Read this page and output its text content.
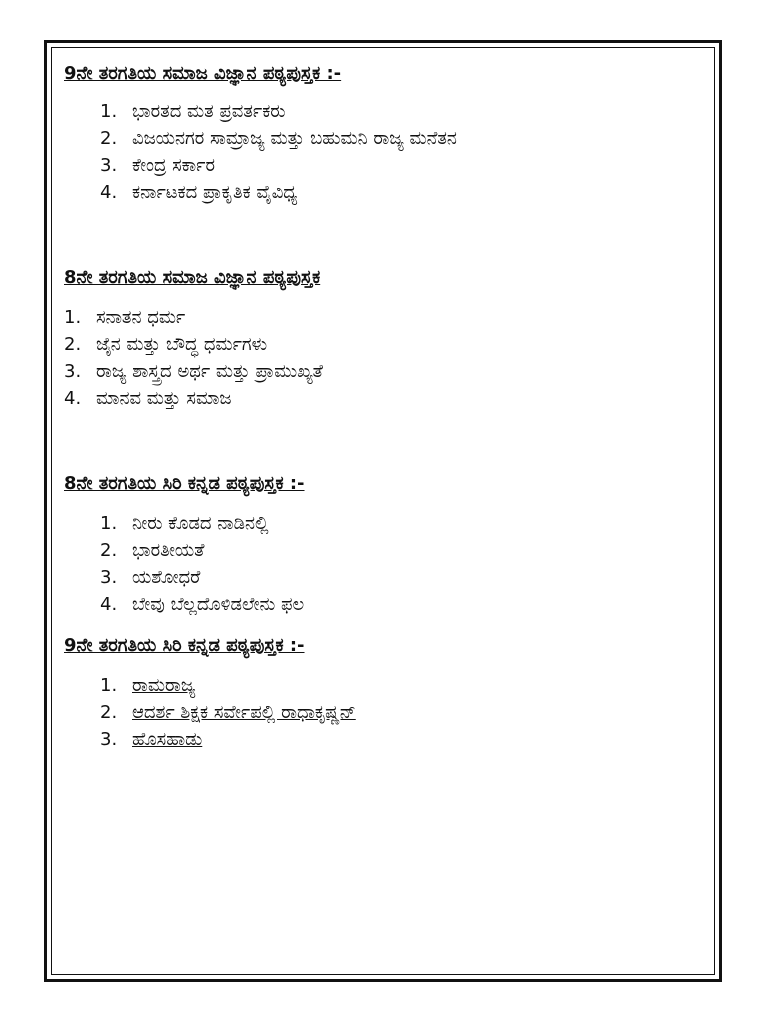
9ನೇ ತರಗತಿಯ ಸಮಾಜ ವಿಜ್ಞಾನ ಪಠ್ಯಪುಸ್ತಕ :-
1. ಭಾರತದ ಮತ ಪ್ರವರ್ತಕರು
2. ವಿಜಯನಗರ ಸಾಮ್ರಾಜ್ಯ ಮತ್ತು ಬಹುಮನಿ ರಾಜ್ಯ ಮನೆತನ
3. ಕೇಂದ್ರ ಸರ್ಕಾರ
4. ಕರ್ನಾಟಕದ ಪ್ರಾಕೃತಿಕ ವೈವಿಧ್ಯ
8ನೇ ತರಗತಿಯ ಸಮಾಜ ವಿಜ್ಞಾನ ಪಠ್ಯಪುಸ್ತಕ
1. ಸನಾತನ ಧರ್ಮ
2. ಜೈನ ಮತ್ತು ಬೌದ್ಧ ಧರ್ಮಗಳು
3. ರಾಜ್ಯ ಶಾಸ್ತ್ರದ ಅರ್ಥ ಮತ್ತು ಪ್ರಾಮುಖ್ಯತೆ
4. ಮಾನವ ಮತ್ತು ಸಮಾಜ
8ನೇ ತರಗತಿಯ ಸಿರಿ ಕನ್ನಡ ಪಠ್ಯಪುಸ್ತಕ :-
1. ನೀರು ಕೊಡದ ನಾಡಿನಲ್ಲಿ
2. ಭಾರತೀಯತೆ
3. ಯಶೋಧರೆ
4. ಬೇವು ಬೆಲ್ಲದೊಳಿಡಲೇನು ಫಲ
9ನೇ ತರಗತಿಯ ಸಿರಿ ಕನ್ನಡ ಪಠ್ಯಪುಸ್ತಕ :-
1. ರಾಮರಾಜ್ಯ
2. ಆದರ್ಶ ಶಿಕ್ಷಕ ಸರ್ವೇಪಲ್ಲಿ ರಾಧಾಕೃಷ್ಣನ್
3. ಹೊಸಹಾಡು
